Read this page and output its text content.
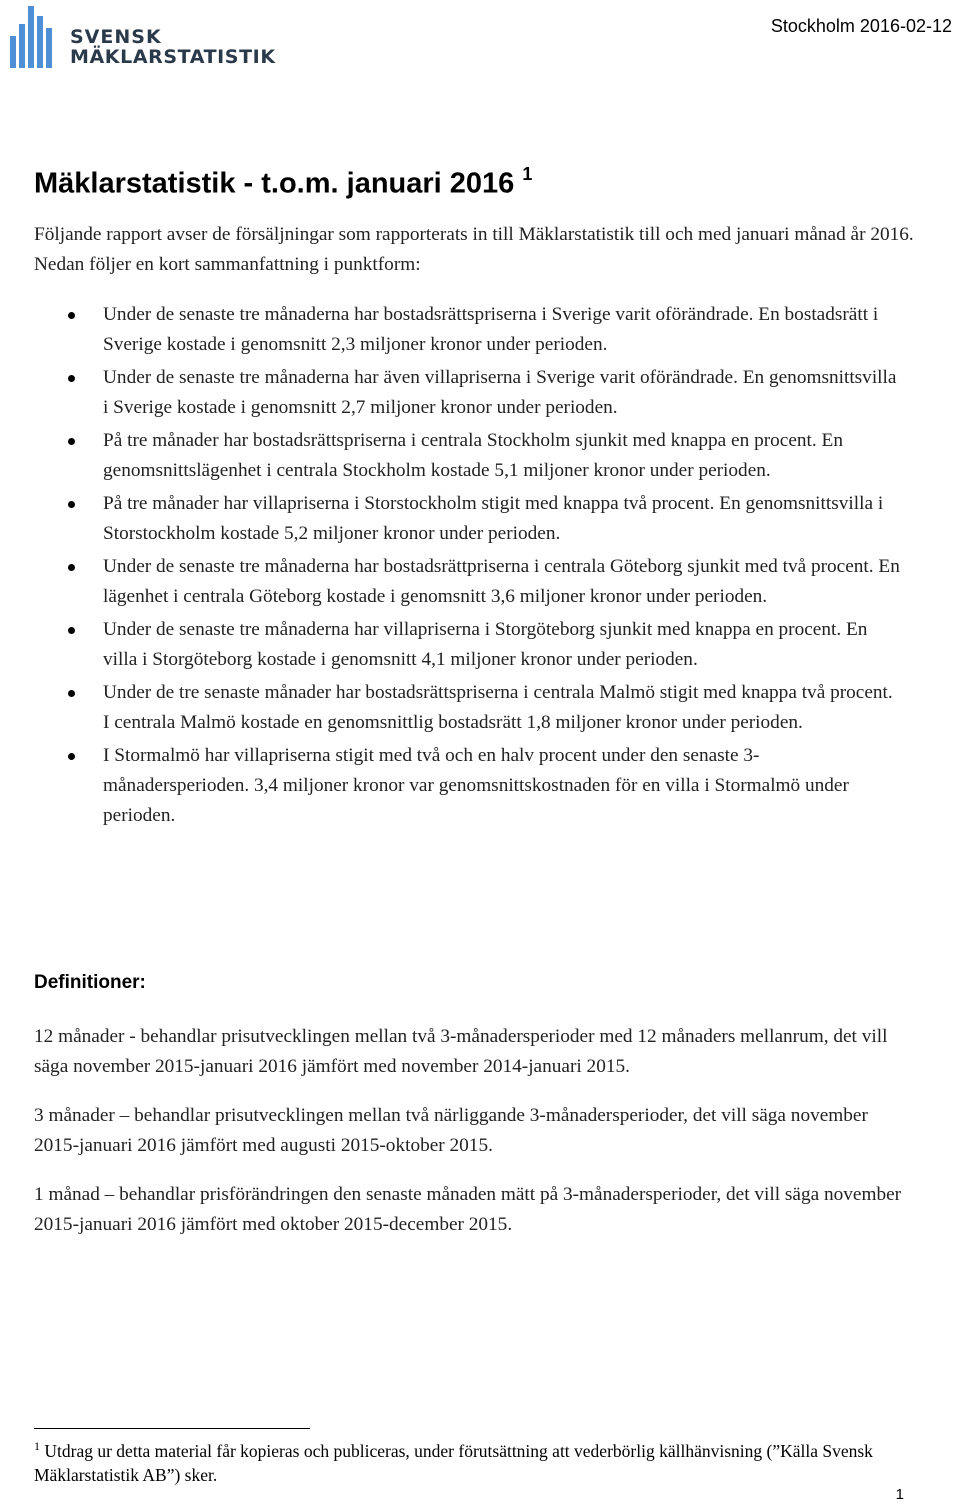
SVENSK
MÄKLARSTATISTIK
Stockholm 2016-02-12
Mäklarstatistik - t.o.m. januari 2016 $^1$

Följande rapport avser de försäljningar som rapporterats in till Mäklarstatistik till och med januari månad år 2016. Nedan följer en kort sammanfattning i punktform:

Under de senaste tre månaderna har bostadsrättspriserna i Sverige varit oförändrade. En bostadsrätt i Sverige kostade i genomsnitt 2,3 miljoner kronor under perioden.
Under de senaste tre månaderna har även villapriserna i Sverige varit oförändrade. En genomsnittsvilla i Sverige kostade i genomsnitt 2,7 miljoner kronor under perioden.
På tre månader har bostadsrättspriserna i centrala Stockholm sjunkit med knappa en procent. En genomsnittslägenhet i centrala Stockholm kostade 5,1 miljoner kronor under perioden.
På tre månader har villapriserna i Storstockholm stigit med knappa två procent. En genomsnittsvilla i Storstockholm kostade 5,2 miljoner kronor under perioden.
Under de senaste tre månaderna har bostadsrättpriserna i centrala Göteborg sjunkit med två procent. En lägenhet i centrala Göteborg kostade i genomsnitt 3,6 miljoner kronor under perioden.
Under de senaste tre månaderna har villapriserna i Storgöteborg sjunkit med knappa en procent. En villa i Storgöteborg kostade i genomsnitt 4,1 miljoner kronor under perioden.
Under de tre senaste månader har bostadsrättspriserna i centrala Malmö stigit med knappa två procent. I centrala Malmö kostade en genomsnittlig bostadsrätt 1,8 miljoner kronor under perioden.
I Stormalmö har villapriserna stigit med två och en halv procent under den senaste 3-månadersperioden. 3,4 miljoner kronor var genomsnittskostnaden för en villa i Stormalmö under perioden.
Definitioner:

12 månader - behandlar prisutvecklingen mellan två 3-månadersperioder med 12 månaders mellanrum, det vill säga november 2015-januari 2016 jämfört med november 2014-januari 2015.

3 månader – behandlar prisutvecklingen mellan två närliggande 3-månadersperioder, det vill säga november 2015-januari 2016 jämfört med augusti 2015-oktober 2015.

1 månad – behandlar prisförändringen den senaste månaden mätt på 3-månadersperioder, det vill säga november 2015-januari 2016 jämfört med oktober 2015-december 2015.

$^1$ Utdrag ur detta material får kopieras och publiceras, under förutsättning att vederbörlig källhänvisning (”Källa Svensk Mäklarstatistik AB”) sker.

1
